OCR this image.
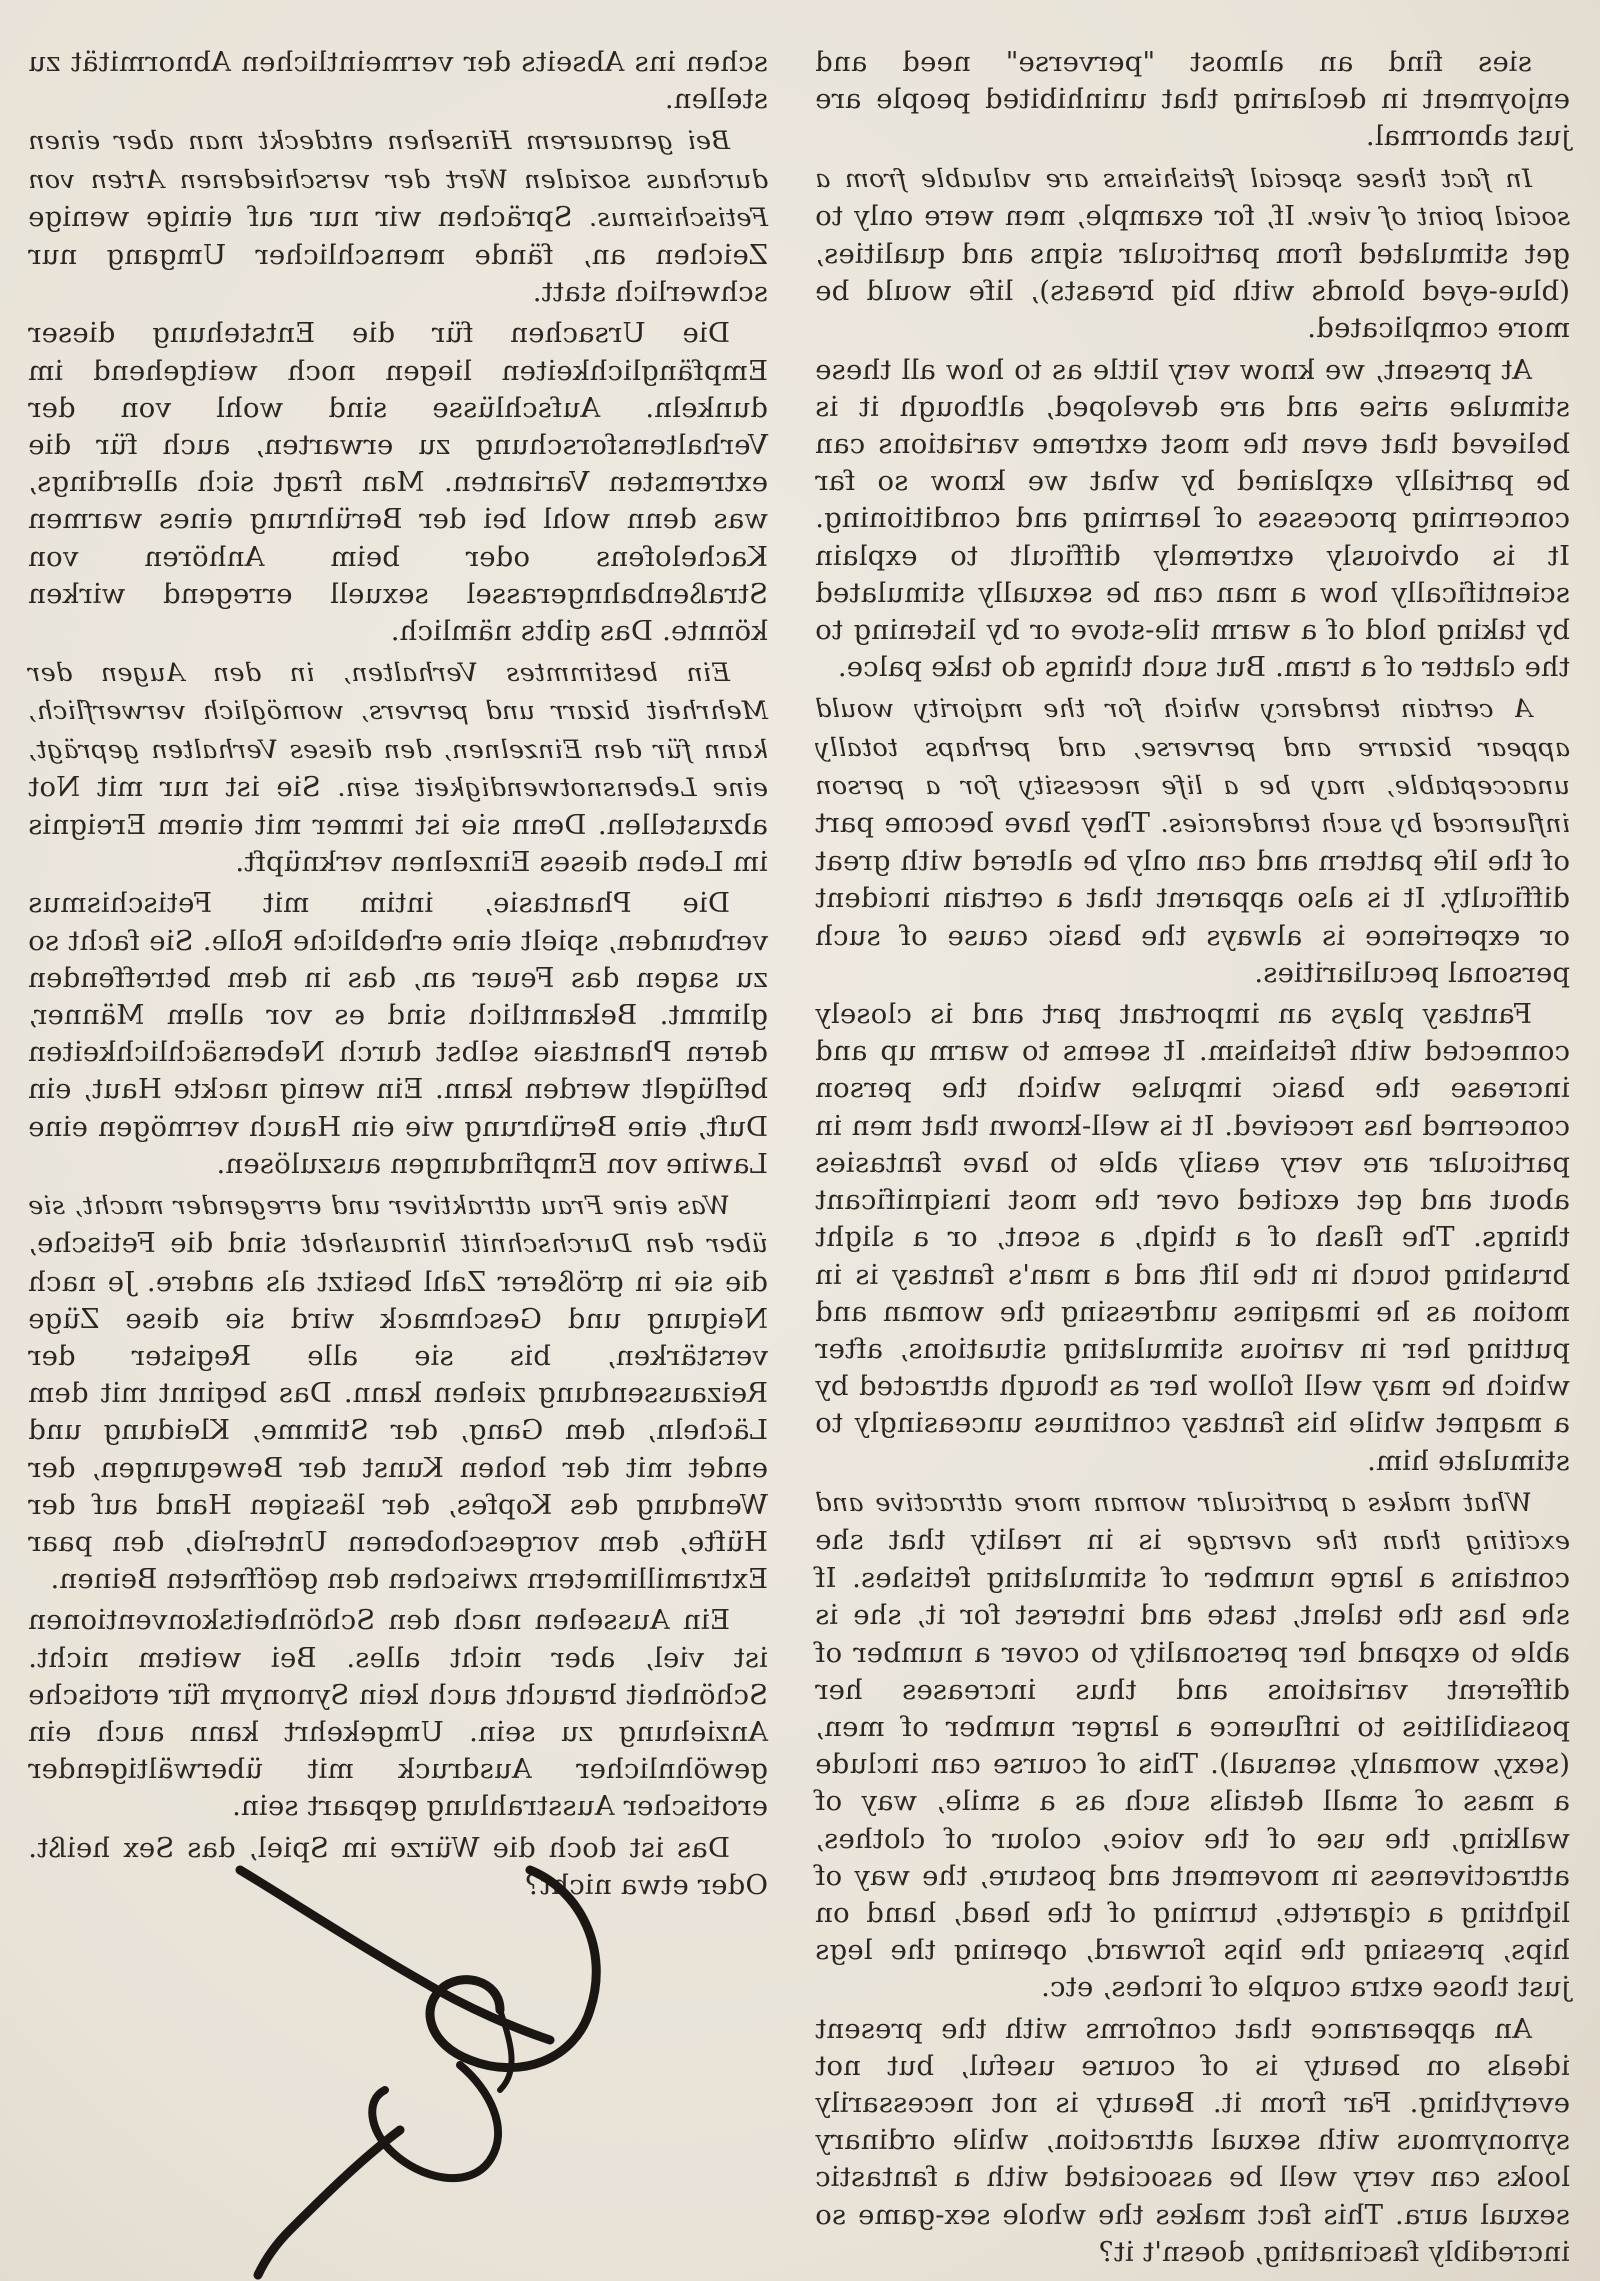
sies find an almost "perverse" need and enjoyment in declaring that uninhibited people are just abnormal.

In fact these special fetishisms are valuable from a social point of view. If, for example, men were only to get stimulated from particular signs and qualities, (blue-eyed blonds with big breasts), life would be more complicated.

At present, we know very little as to how all these stimulae arise and are developed, although it is believed that even the most extreme variations can be partially explained by what we know so far concerning processes of learning and conditioning. It is obviously extremely difficult to explain scientifically how a man can be sexually stimulated by taking hold of a warm tile-stove or by listening to the clatter of a tram. But such things do take palce.

A certain tendency which for the majority would appear bizarre and perverse, and perhaps totally unacceptable, may be a life necessity for a person influenced by such tendencies. They have become part of the life pattern and can only be altered with great difficulty. It is also apparent that a certain incident or experience is always the basic cause of such personal peculiarities.

Fantasy plays an important part and is closely connected with fetishism. It seems to warm up and increase the basic impulse which the person concerned has received. It is well-known that men in particular are very easily able to have fantasies about and get excited over the most insignificant things. The flash of a thigh, a scent, or a slight brushing touch in the lift and a man's fantasy is in motion as he imagines undressing the woman and putting her in various stimulating situations, after which he may well follow her as though attracted by a magnet while his fantasy continues unceasingly to stimulate him.

What makes a particular woman more attractive and exciting than the average is in reality that she contains a large number of stimulating fetishes. If she has the talent, taste and interest for it, she is able to expand her personality to cover a number of different variations and thus increases her possibilities to influence a larger number of men, (sexy, womanly, sensual). This of course can include a mass of small details such as a smile, way of walking, the use of the voice, colour of clothes, attractiveness in movement and posture, the way of lighting a cigarette, turning of the head, hand on hips, pressing the hips forward, opening the legs just those extra couple of inches, etc.

An appearance that conforms with the present ideals on beauty is of course useful, but not everything. Far from it. Beauty is not necessarily synonymous with sexual attraction, while ordinary looks can very well be associated with a fantastic sexual aura. This fact makes the whole sex-game so incredibly fascinating, doesn't it?

schen ins Abseits der vermeintlichen Abnormität zu stellen.

Bei genauerem Hinsehen entdeckt man aber einen durchaus sozialen Wert der verschiedenen Arten von Fetischismus. Sprächen wir nur auf einige wenige Zeichen an, fände menschlicher Umgang nur schwerlich statt.

Die Ursachen für die Entstehung dieser Empfänglichkeiten liegen noch weitgehend im dunkeln. Aufschlüsse sind wohl von der Verhaltensforschung zu erwarten, auch für die extremsten Varianten. Man fragt sich allerdings, was denn wohl bei der Berührung eines warmen Kachelofens oder beim Anhören von Straßenbahngerassel sexuell erregend wirken könnte. Das gibts nämlich.

Ein bestimmtes Verhalten, in den Augen der Mehrheit bizarr und pervers, womöglich verwerflich, kann für den Einzelnen, den dieses Verhalten geprägt, eine Lebensnotwendigkeit sein. Sie ist nur mit Not abzustellen. Denn sie ist immer mit einem Ereignis im Leben dieses Einzelnen verknüpft.

Die Phantasie, intim mit Fetischismus verbunden, spielt eine erhebliche Rolle. Sie facht so zu sagen das Feuer an, das in dem betreffenden glimmt. Bekanntlich sind es vor allem Männer, deren Phantasie selbst durch Nebensächlichkeiten beflügelt werden kann. Ein wenig nackte Haut, ein Duft, eine Berührung wie ein Hauch vermögen eine Lawine von Empfindungen auszulösen.

Was eine Frau attraktiver und erregender macht, sie über den Durchschnitt hinaushebt sind die Fetische, die sie in größerer Zahl besitzt als andere. Je nach Neigung und Geschmack wird sie diese Züge verstärken, bis sie alle Register der Reizaussendung ziehen kann. Das beginnt mit dem Lächeln, dem Gang, der Stimme, Kleidung und endet mit der hohen Kunst der Bewegungen, der Wendung des Kopfes, der lässigen Hand auf der Hüfte, dem vorgeschobenen Unterleib, den paar Extramillimetern zwischen den geöffneten Beinen.

Ein Aussehen nach den Schönheitskonventionen ist viel, aber nicht alles. Bei weitem nicht. Schönheit braucht auch kein Synonym für erotische Anziehung zu sein. Umgekehrt kann auch ein gewöhnlicher Ausdruck mit überwältigender erotischer Ausstrahlung gepaart sein.

Das ist doch die Würze im Spiel, das Sex heißt. Oder etwa nicht?
